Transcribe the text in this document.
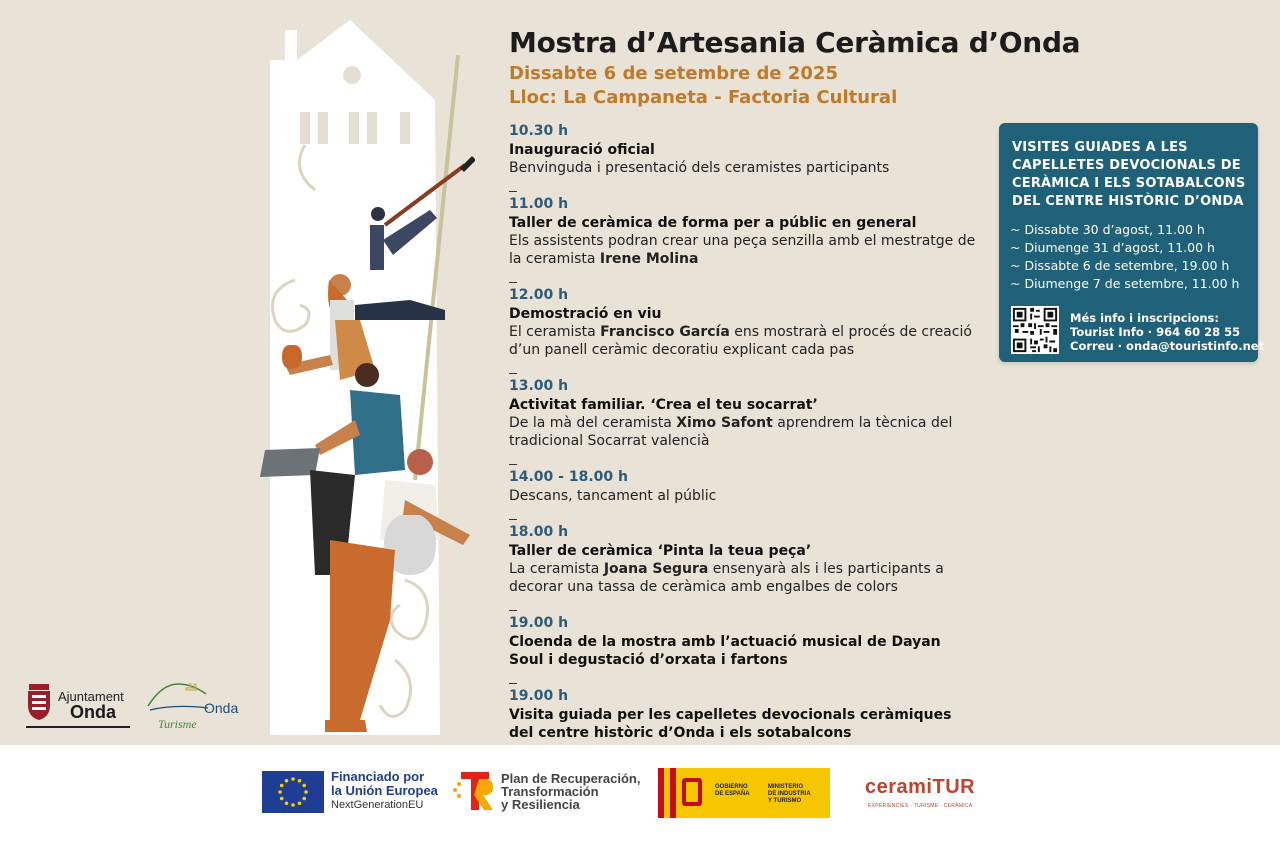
Mostra d’Artesania Ceràmica d’Onda
Dissabte 6 de setembre de 2025
Lloc: La Campaneta - Factoria Cultural
10.30 h
Inauguració oficial
Benvinguda i presentació dels ceramistes participants
11.00 h
Taller de ceràmica de forma per a públic en general
Els assistents podran crear una peça senzilla amb el mestratge de la ceramista Irene Molina
12.00 h
Demostració en viu
El ceramista Francisco García ens mostrarà el procés de creació d’un panell ceràmic decoratiu explicant cada pas
13.00 h
Activitat familiar. ‘Crea el teu socarrat’
De la mà del ceramista Ximo Safont aprendrem la tècnica del tradicional Socarrat valencià
14.00 - 18.00 h
Descans, tancament al públic
18.00 h
Taller de ceràmica ‘Pinta la teua peça’
La ceramista Joana Segura ensenyarà als i les participants a decorar una tassa de ceràmica amb engalbes de colors
19.00 h
Cloenda de la mostra amb l’actuació musical de Dayan Soul i degustació d’orxata i fartons
19.00 h
Visita guiada per les capelletes devocionals ceràmiques del centre històric d’Onda i els sotabalcons
VISITES GUIADES A LES CAPELLETES DEVOCIONALS DE CERÀMICA I ELS SOTABALCONS DEL CENTRE HISTÒRIC D’ONDA
~ Dissabte 30 d’agost, 11.00 h
~ Diumenge 31 d’agost, 11.00 h
~ Dissabte 6 de setembre, 19.00 h
~ Diumenge 7 de setembre, 11.00 h
Més info i inscripcions:
Tourist Info · 964 60 28 55
Correu · onda@touristinfo.net
Ajuntament
Onda	Onda
Turisme
Financiado por
la Unión Europea
NextGenerationEU
Plan de Recuperación,
Transformación
y Resiliencia
GOBIERNO
DE ESPAÑA
MINISTERIO
DE INDUSTRIA
Y TURISMO
ceramiTUR
EXPERIÈNCIES · TURISME · CERÀMICA
